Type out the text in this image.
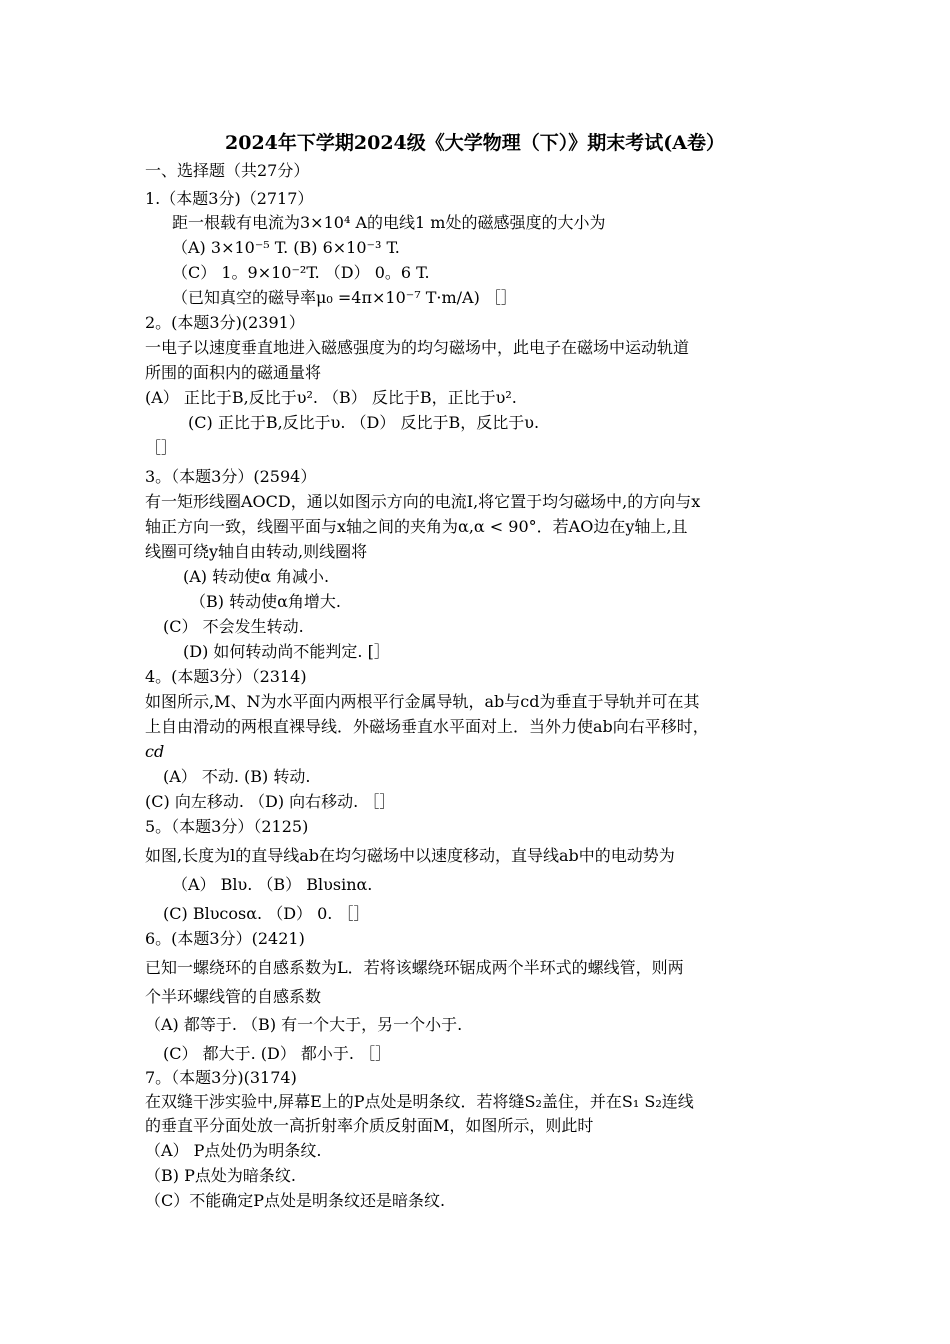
2024年下学期2024级《大学物理（下）》期末考试(A卷）
一、选择题（共27分）
1.（本题3分)（2717）
距一根载有电流为3×10⁴ A的电线1 m处的磁感强度的大小为
（A) 3×10⁻⁵ T. (B) 6×10⁻³ T.
（C） 1。9×10⁻²T. （D） 0。6 T.
（已知真空的磁导率μ₀ =4π×10⁻⁷ T·m/A) ［］
2。(本题3分)(2391）
一电子以速度垂直地进入磁感强度为的均匀磁场中，此电子在磁场中运动轨道
所围的面积内的磁通量将
(A） 正比于B,反比于υ². （B） 反比于B，正比于υ².
(C) 正比于B,反比于υ. （D） 反比于B，反比于υ.
［］
3。（本题3分）(2594）
有一矩形线圈AOCD，通以如图示方向的电流I,将它置于均匀磁场中,的方向与x
轴正方向一致，线圈平面与x轴之间的夹角为α,α < 90°．若AO边在y轴上,且
线圈可绕y轴自由转动,则线圈将
(A) 转动使α 角减小.
（B) 转动使α角增大.
(C） 不会发生转动.
(D) 如何转动尚不能判定. [］
4。(本题3分）（2314)
如图所示,M、N为水平面内两根平行金属导轨，ab与cd为垂直于导轨并可在其
上自由滑动的两根直裸导线．外磁场垂直水平面对上．当外力使ab向右平移时，
cd
(A） 不动. (B) 转动.
(C) 向左移动. （D) 向右移动. ［］
5。（本题3分）（2125)
如图,长度为l的直导线ab在均匀磁场中以速度移动，直导线ab中的电动势为
（A） Blυ. （B） Blυsinα.
(C) Blυcosα. （D） 0. ［］
6。(本题3分）(2421)
已知一螺绕环的自感系数为L．若将该螺绕环锯成两个半环式的螺线管，则两
个半环螺线管的自感系数
（A) 都等于. （B) 有一个大于，另一个小于.
(C） 都大于. (D） 都小于. ［］
7。（本题3分)(3174)
在双缝干涉实验中,屏幕E上的P点处是明条纹．若将缝S₂盖住，并在S₁ S₂连线
的垂直平分面处放一高折射率介质反射面M，如图所示，则此时
（A） P点处仍为明条纹.
（B) P点处为暗条纹.
（C）不能确定P点处是明条纹还是暗条纹.
